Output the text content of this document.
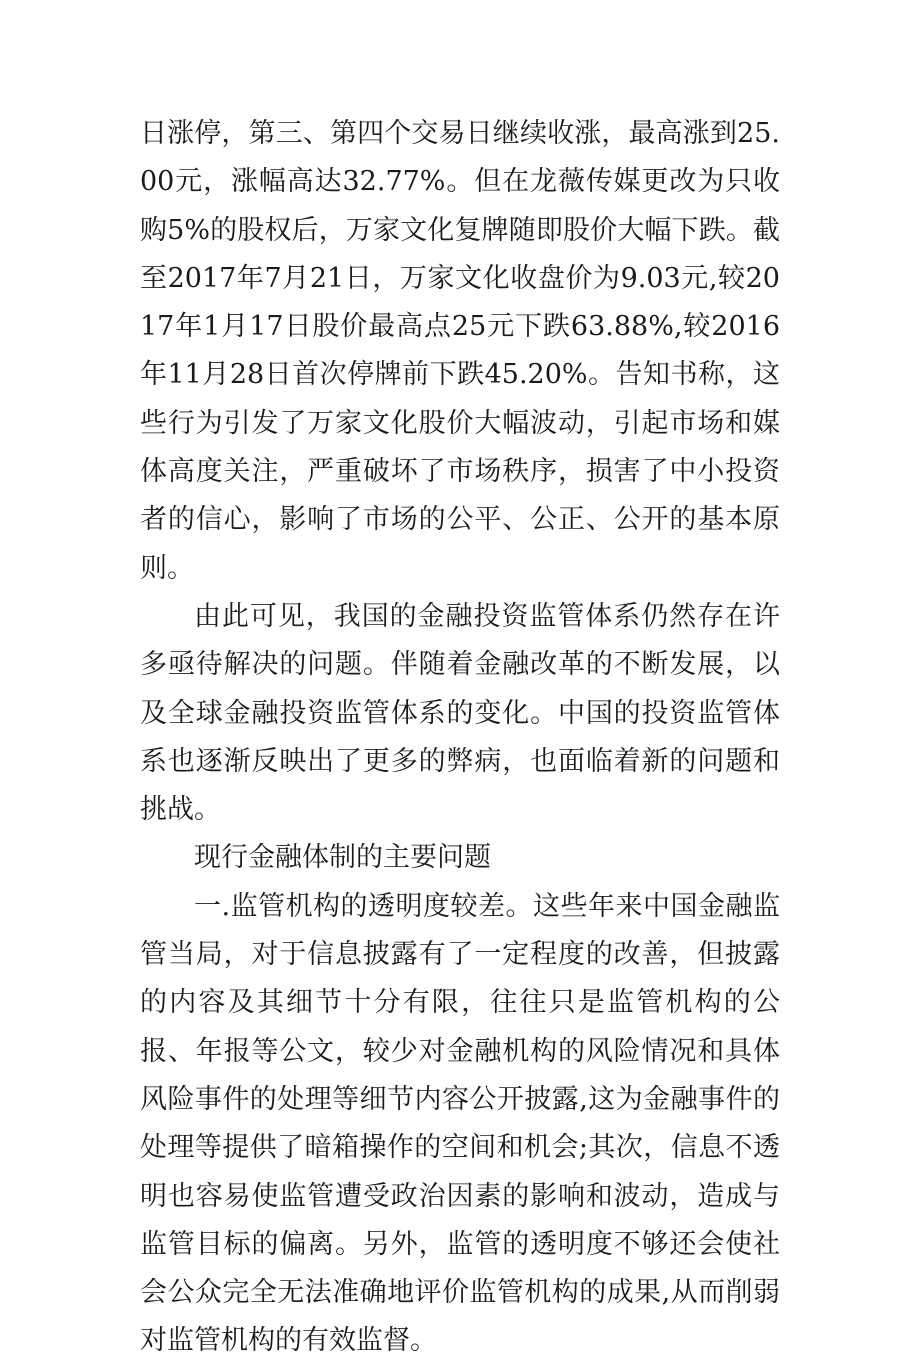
日涨停，第三、第四个交易日继续收涨，最高涨到25.00元，涨幅高达32.77%。但在龙薇传媒更改为只收购5%的股权后，万家文化复牌随即股价大幅下跌。截至2017年7月21日，万家文化收盘价为9.03元,较2017年1月17日股价最高点25元下跌63.88%,较2016年11月28日首次停牌前下跌45.20%。告知书称，这些行为引发了万家文化股价大幅波动，引起市场和媒体高度关注，严重破坏了市场秩序，损害了中小投资者的信心，影响了市场的公平、公正、公开的基本原则。

由此可见，我国的金融投资监管体系仍然存在许多亟待解决的问题。伴随着金融改革的不断发展，以及全球金融投资监管体系的变化。中国的投资监管体系也逐渐反映出了更多的弊病，也面临着新的问题和挑战。

现行金融体制的主要问题

一.监管机构的透明度较差。这些年来中国金融监管当局，对于信息披露有了一定程度的改善，但披露的内容及其细节十分有限，往往只是监管机构的公报、年报等公文，较少对金融机构的风险情况和具体风险事件的处理等细节内容公开披露,这为金融事件的处理等提供了暗箱操作的空间和机会;其次，信息不透明也容易使监管遭受政治因素的影响和波动，造成与监管目标的偏离。另外，监管的透明度不够还会使社会公众完全无法准确地评价监管机构的成果,从而削弱对监管机构的有效监督。
